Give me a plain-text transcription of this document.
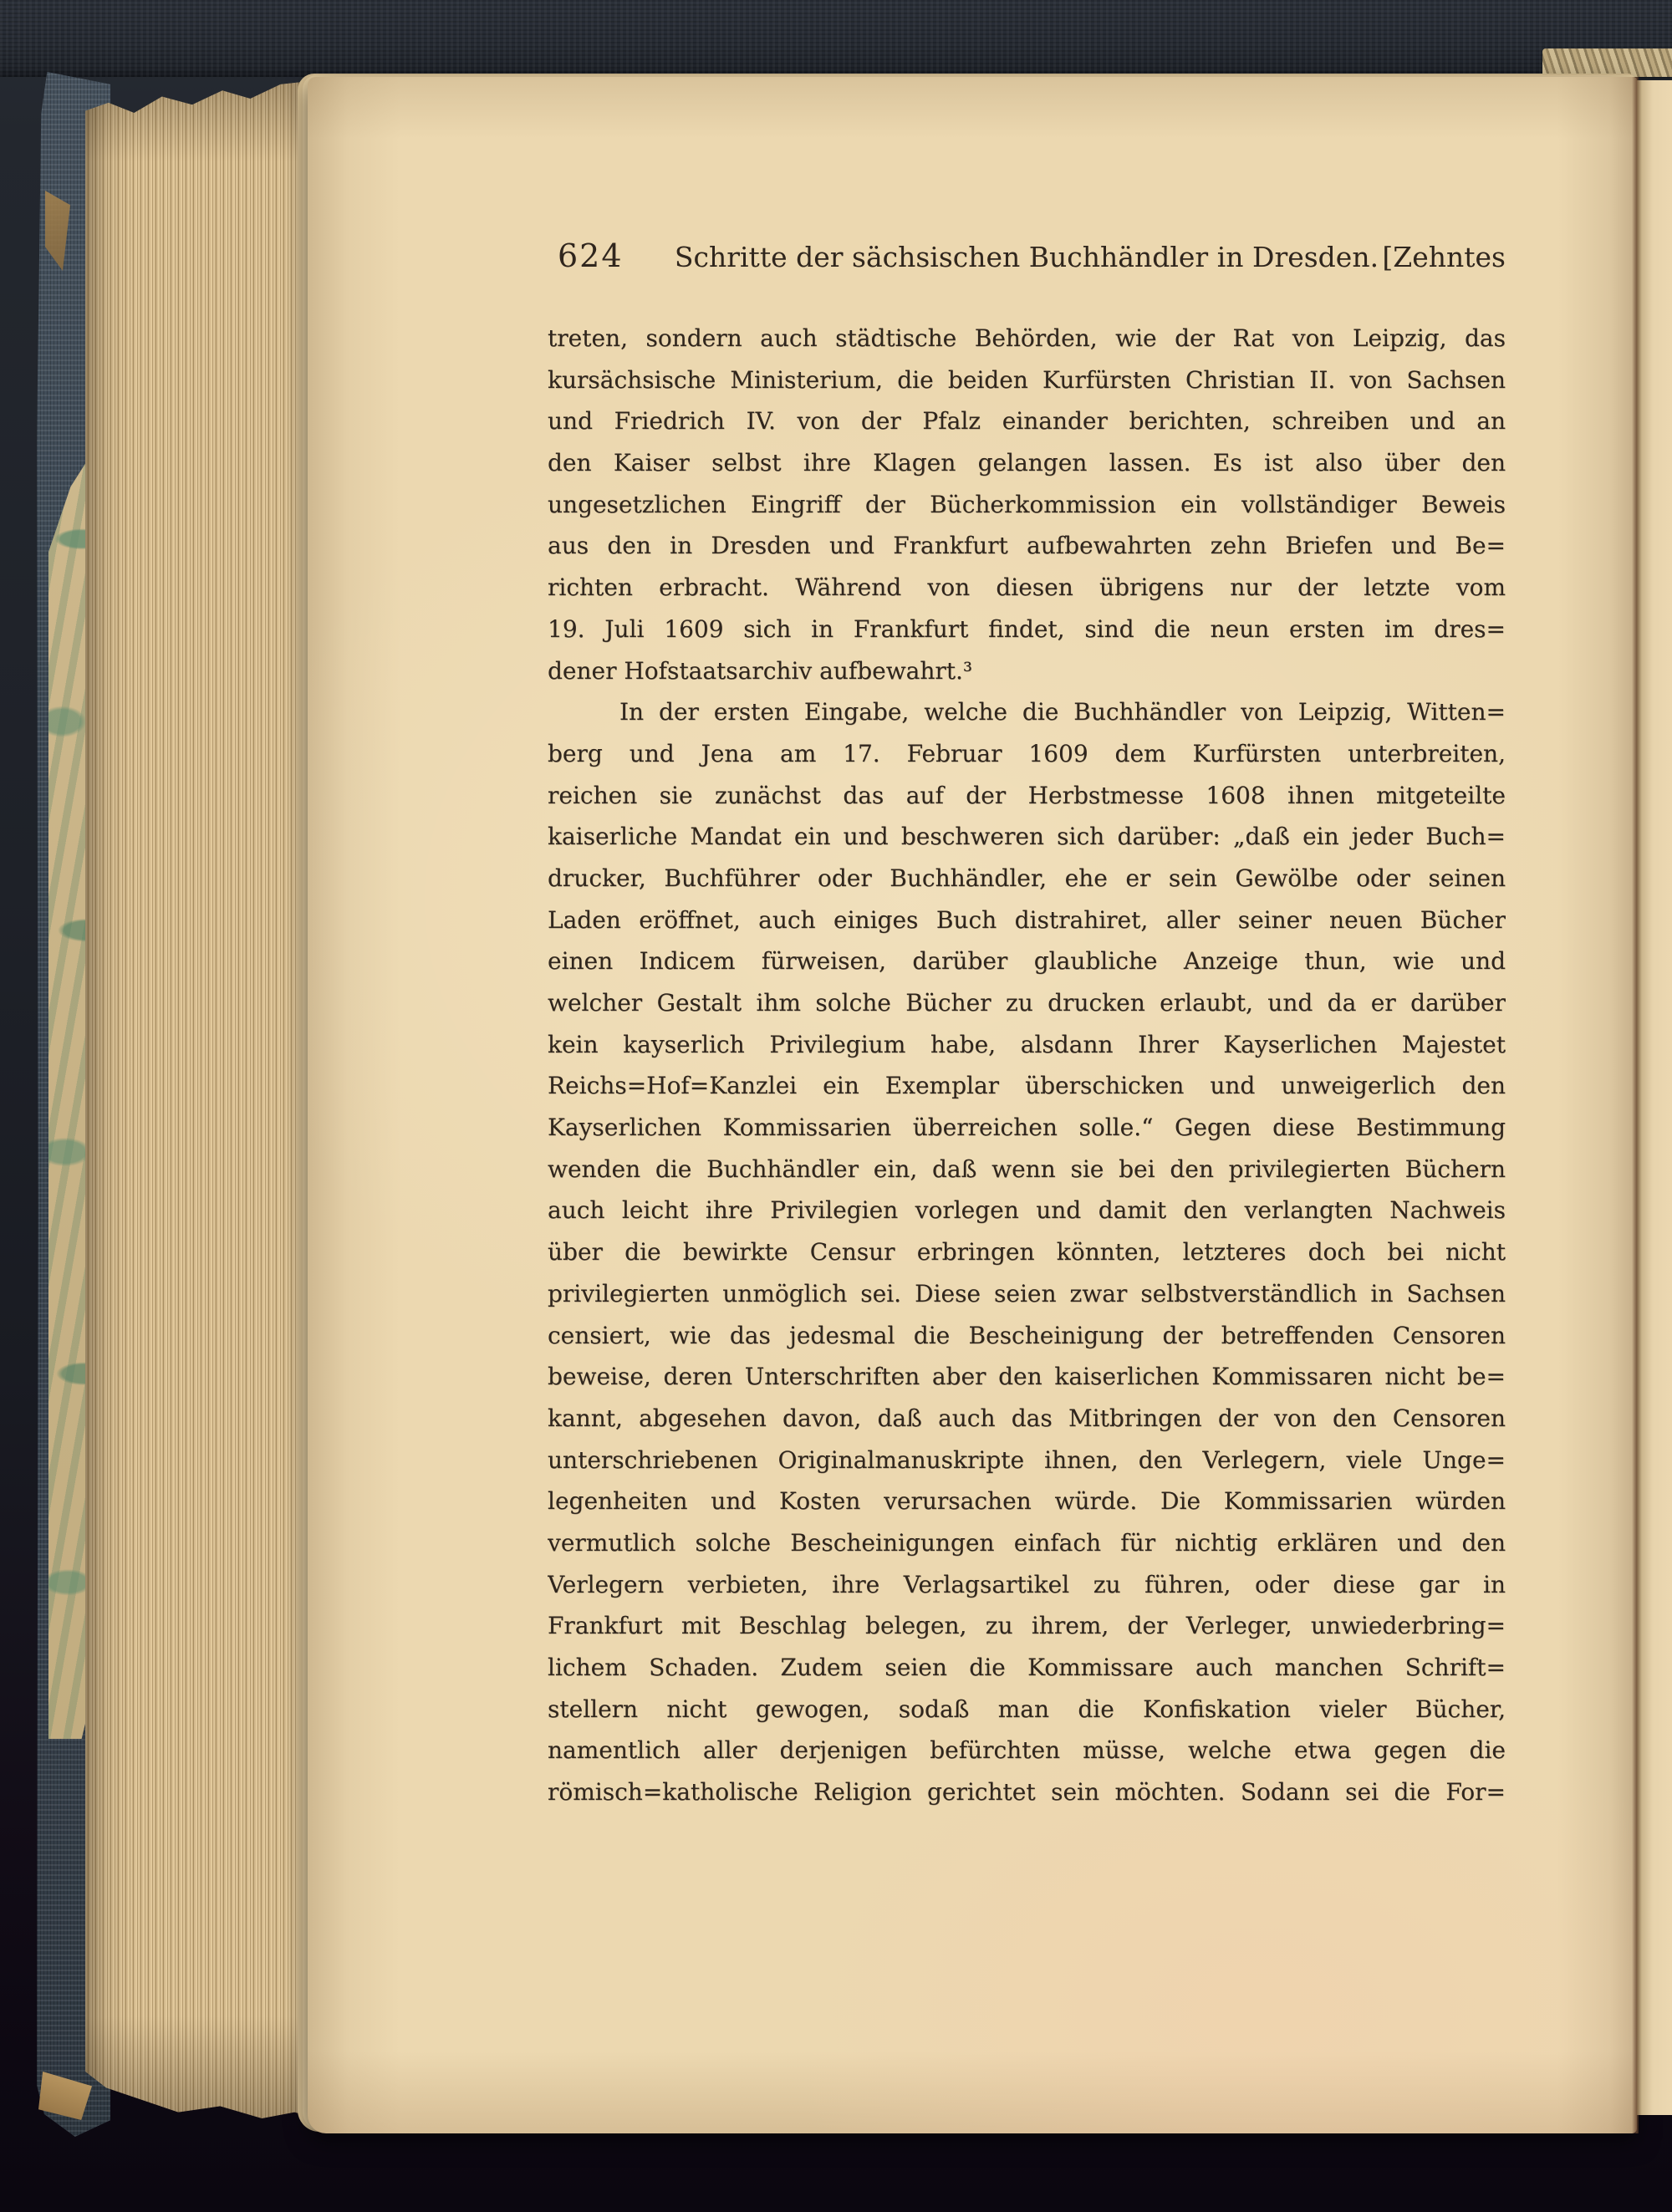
624	Schritte der sächsischen Buchhändler in Dresden. [Zehntes
treten, sondern auch städtische Behörden, wie der Rat von Leipzig, das
kursächsische Ministerium, die beiden Kurfürsten Christian II. von Sachsen
und Friedrich IV. von der Pfalz einander berichten, schreiben und an
den Kaiser selbst ihre Klagen gelangen lassen. Es ist also über den
ungesetzlichen Eingriff der Bücherkommission ein vollständiger Beweis
aus den in Dresden und Frankfurt aufbewahrten zehn Briefen und Be=
richten erbracht. Während von diesen übrigens nur der letzte vom
19. Juli 1609 sich in Frankfurt findet, sind die neun ersten im dres=
dener Hofstaatsarchiv aufbewahrt.³
In der ersten Eingabe, welche die Buchhändler von Leipzig, Witten=
berg und Jena am 17. Februar 1609 dem Kurfürsten unterbreiten,
reichen sie zunächst das auf der Herbstmesse 1608 ihnen mitgeteilte
kaiserliche Mandat ein und beschweren sich darüber: „daß ein jeder Buch=
drucker, Buchführer oder Buchhändler, ehe er sein Gewölbe oder seinen
Laden eröffnet, auch einiges Buch distrahiret, aller seiner neuen Bücher
einen Indicem fürweisen, darüber glaubliche Anzeige thun, wie und
welcher Gestalt ihm solche Bücher zu drucken erlaubt, und da er darüber
kein kayserlich Privilegium habe, alsdann Ihrer Kayserlichen Majestet
Reichs=Hof=Kanzlei ein Exemplar überschicken und unweigerlich den
Kayserlichen Kommissarien überreichen solle.“ Gegen diese Bestimmung
wenden die Buchhändler ein, daß wenn sie bei den privilegierten Büchern
auch leicht ihre Privilegien vorlegen und damit den verlangten Nachweis
über die bewirkte Censur erbringen könnten, letzteres doch bei nicht
privilegierten unmöglich sei. Diese seien zwar selbstverständlich in Sachsen
censiert, wie das jedesmal die Bescheinigung der betreffenden Censoren
beweise, deren Unterschriften aber den kaiserlichen Kommissaren nicht be=
kannt, abgesehen davon, daß auch das Mitbringen der von den Censoren
unterschriebenen Originalmanuskripte ihnen, den Verlegern, viele Unge=
legenheiten und Kosten verursachen würde. Die Kommissarien würden
vermutlich solche Bescheinigungen einfach für nichtig erklären und den
Verlegern verbieten, ihre Verlagsartikel zu führen, oder diese gar in
Frankfurt mit Beschlag belegen, zu ihrem, der Verleger, unwiederbring=
lichem Schaden. Zudem seien die Kommissare auch manchen Schrift=
stellern nicht gewogen, sodaß man die Konfiskation vieler Bücher,
namentlich aller derjenigen befürchten müsse, welche etwa gegen die
römisch=katholische Religion gerichtet sein möchten. Sodann sei die For=
